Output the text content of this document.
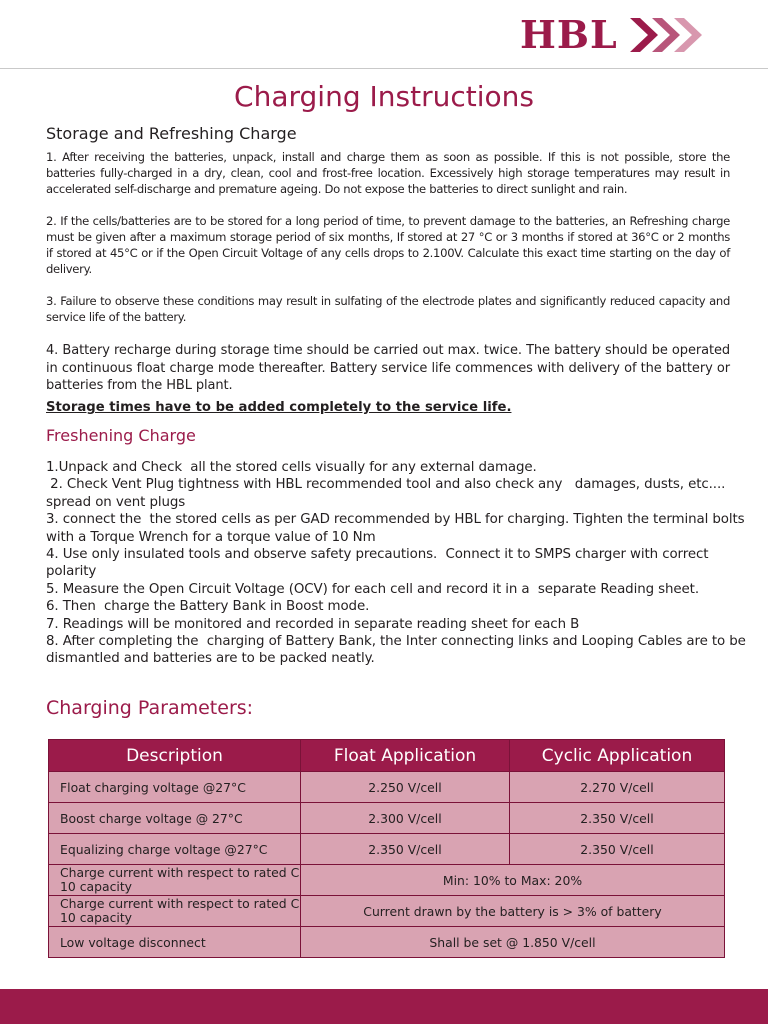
HBL
Charging Instructions
Storage and Refreshing Charge
1. After receiving the batteries, unpack, install and charge them as soon as possible. If this is not possible, store the batteries fully-charged in a dry, clean, cool and frost-free location. Excessively high storage temperatures may result in accelerated self-discharge and premature ageing. Do not expose the batteries to direct sunlight and rain.
2. If the cells/batteries are to be stored for a long period of time, to prevent damage to the batteries, an Refreshing charge must be given after a maximum storage period of six months, If stored at 27 °C or 3 months if stored at 36°C or 2 months if stored at 45°C or if the Open Circuit Voltage of any cells drops to 2.100V. Calculate this exact time starting on the day of delivery.
3. Failure to observe these conditions may result in sulfating of the electrode plates and significantly reduced capacity and service life of the battery.
4. Battery recharge during storage time should be carried out max. twice. The battery should be operated in continuous float charge mode thereafter. Battery service life commences with delivery of the battery or batteries from the HBL plant.
Storage times have to be added completely to the service life.
Freshening Charge
1.Unpack and Check  all the stored cells visually for any external damage.
2. Check Vent Plug tightness with HBL recommended tool and also check any   damages, dusts, etc.... spread on vent plugs
3. connect the  the stored cells as per GAD recommended by HBL for charging. Tighten the terminal bolts with a Torque Wrench for a torque value of 10 Nm
4. Use only insulated tools and observe safety precautions.  Connect it to SMPS charger with correct polarity
5. Measure the Open Circuit Voltage (OCV) for each cell and record it in a  separate Reading sheet.
6. Then  charge the Battery Bank in Boost mode.
7. Readings will be monitored and recorded in separate reading sheet for each B
8. After completing the  charging of Battery Bank, the Inter connecting links and Looping Cables are to be dismantled and batteries are to be packed neatly.
Charging Parameters:
Description	Float Application	Cyclic Application
Float charging voltage @27°C	2.250 V/cell	2.270 V/cell
Boost charge voltage @ 27°C	2.300 V/cell	2.350 V/cell
Equalizing charge voltage @27°C	2.350 V/cell	2.350 V/cell
Charge current with respect to rated C 10 capacity	Min: 10% to Max: 20%	
Charge current with respect to rated C 10 capacity	Current drawn by the battery is > 3% of battery	
Low voltage disconnect	Shall be set @ 1.850 V/cell	
